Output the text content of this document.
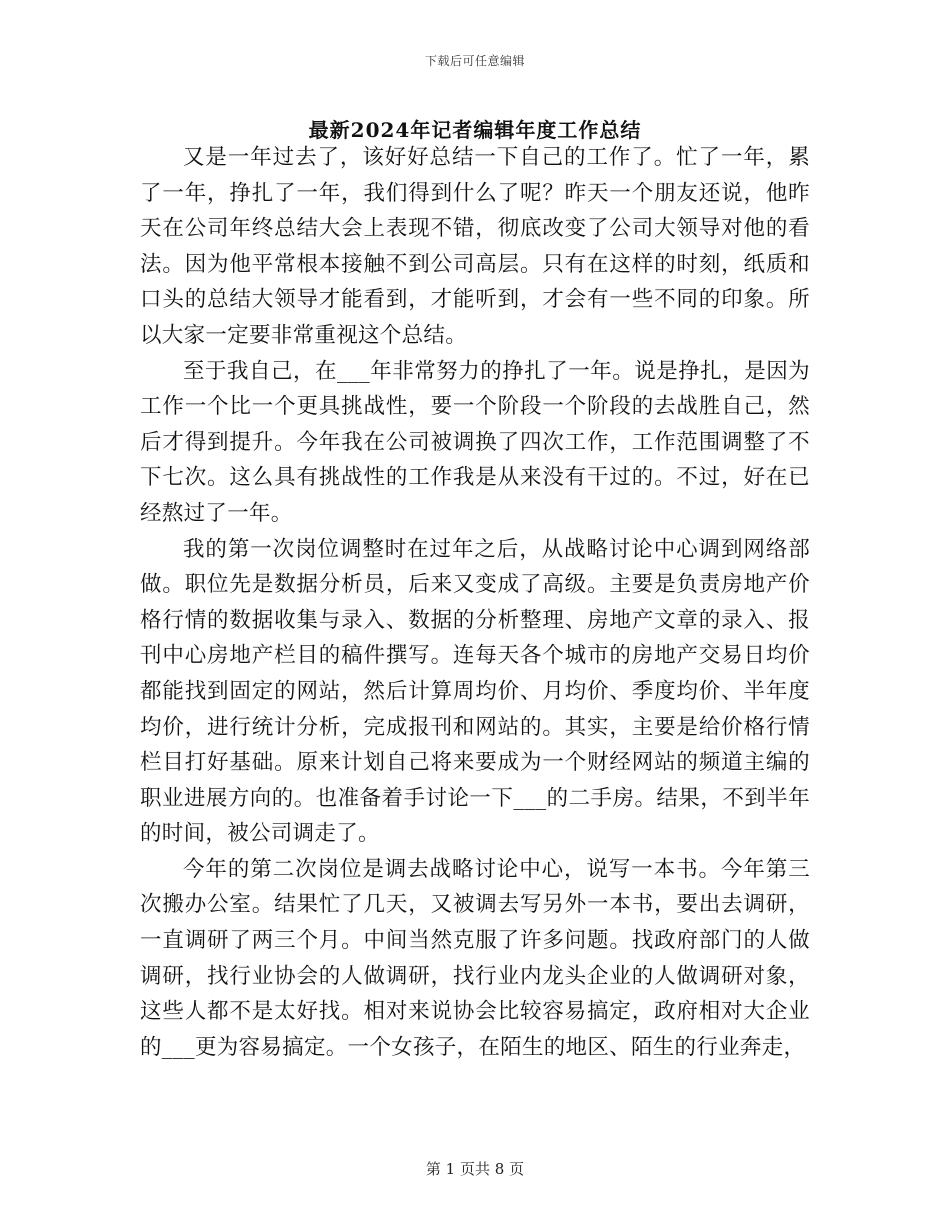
下载后可任意编辑
最新2024年记者编辑年度工作总结

又是一年过去了，该好好总结一下自己的工作了。忙了一年，累了一年，挣扎了一年，我们得到什么了呢？昨天一个朋友还说，他昨天在公司年终总结大会上表现不错，彻底改变了公司大领导对他的看法。因为他平常根本接触不到公司高层。只有在这样的时刻，纸质和口头的总结大领导才能看到，才能听到，才会有一些不同的印象。所以大家一定要非常重视这个总结。

至于我自己，在___年非常努力的挣扎了一年。说是挣扎，是因为工作一个比一个更具挑战性，要一个阶段一个阶段的去战胜自己，然后才得到提升。今年我在公司被调换了四次工作，工作范围调整了不下七次。这么具有挑战性的工作我是从来没有干过的。不过，好在已经熬过了一年。

我的第一次岗位调整时在过年之后，从战略讨论中心调到网络部做。职位先是数据分析员，后来又变成了高级。主要是负责房地产价格行情的数据收集与录入、数据的分析整理、房地产文章的录入、报刊中心房地产栏目的稿件撰写。连每天各个城市的房地产交易日均价都能找到固定的网站，然后计算周均价、月均价、季度均价、半年度均价，进行统计分析，完成报刊和网站的。其实，主要是给价格行情栏目打好基础。原来计划自己将来要成为一个财经网站的频道主编的职业进展方向的。也准备着手讨论一下___的二手房。结果，不到半年的时间，被公司调走了。

今年的第二次岗位是调去战略讨论中心，说写一本书。今年第三次搬办公室。结果忙了几天，又被调去写另外一本书，要出去调研，一直调研了两三个月。中间当然克服了许多问题。找政府部门的人做调研，找行业协会的人做调研，找行业内龙头企业的人做调研对象，这些人都不是太好找。相对来说协会比较容易搞定，政府相对大企业的___更为容易搞定。一个女孩子，在陌生的地区、陌生的行业奔走，

第 1 页共 8 页
